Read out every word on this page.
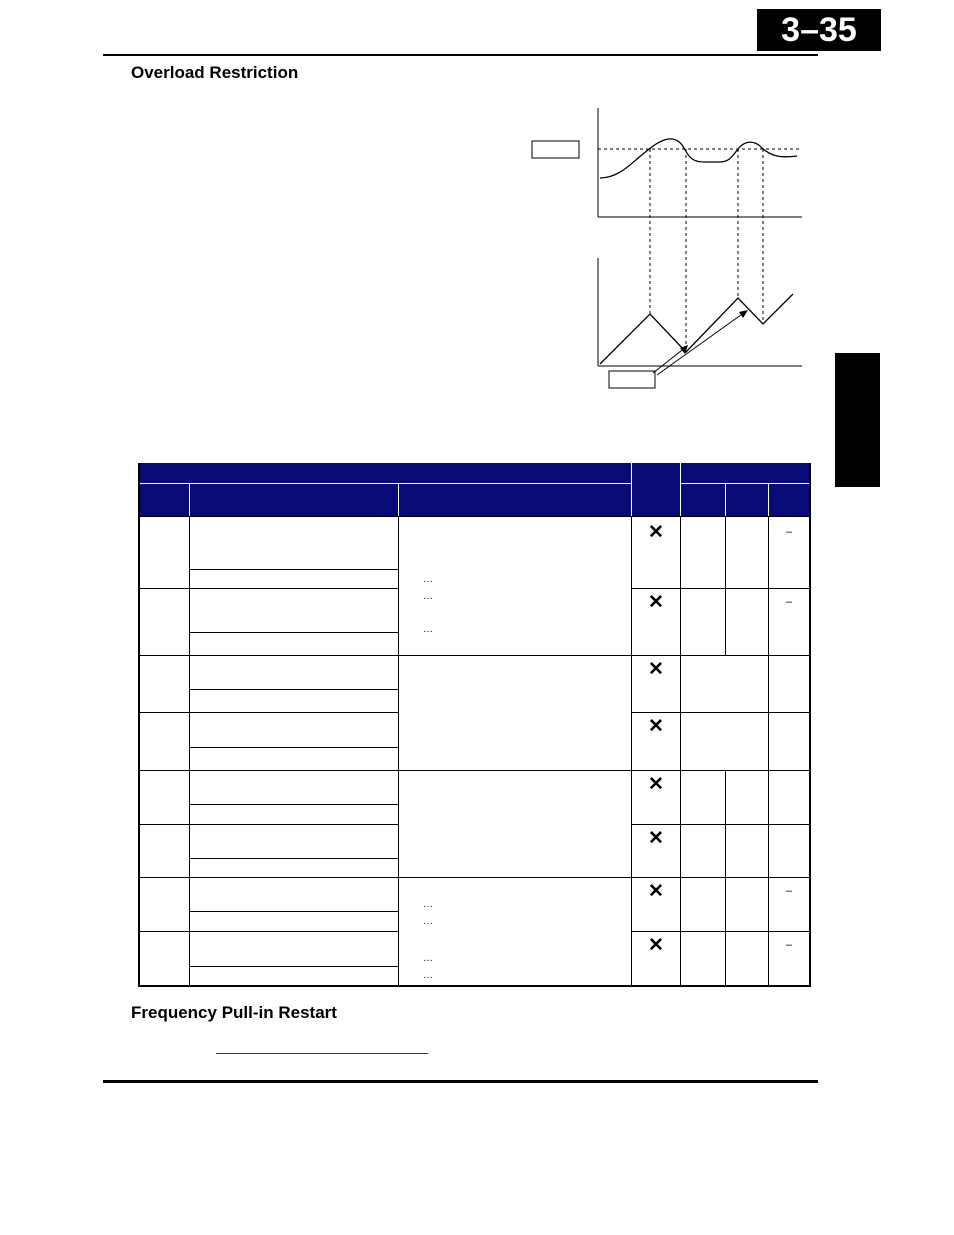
3–35
Overload Restriction
✕
✕
✕
✕
✕
✕
✕
✕
–
–
–
–
…
…
…
…
…
…
…
Frequency Pull-in Restart
